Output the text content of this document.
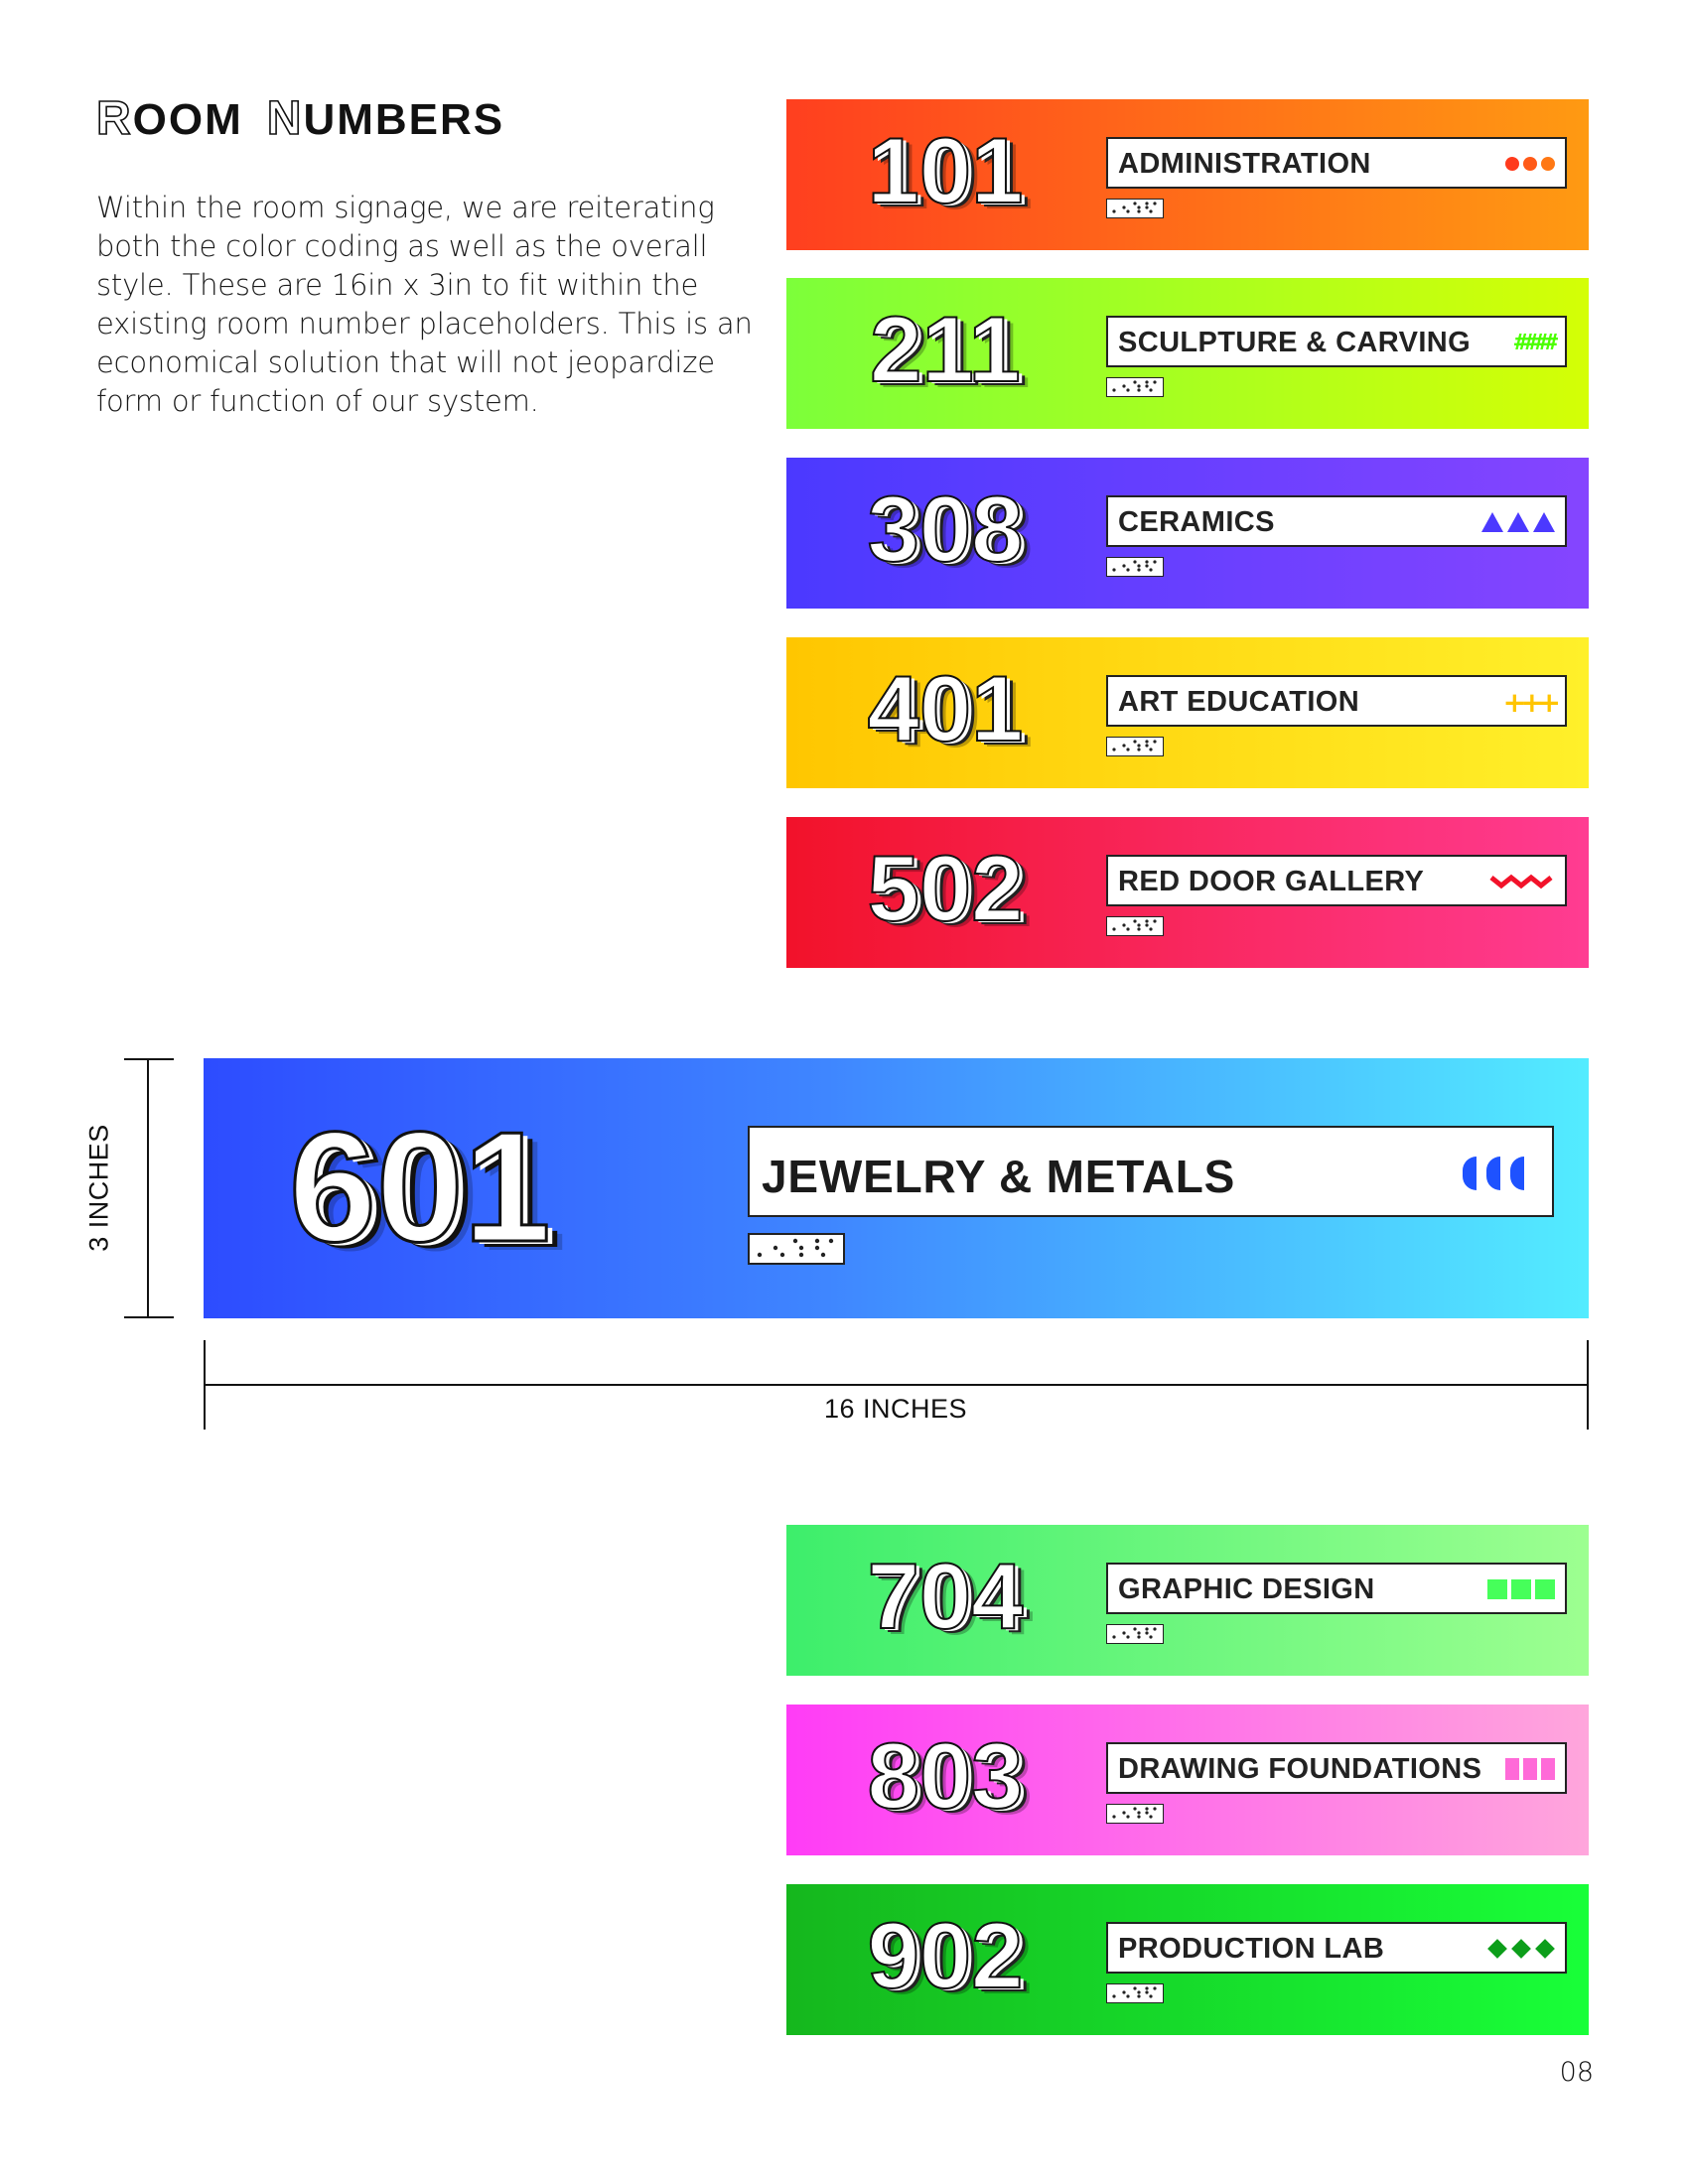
ROOM NUMBERS

Within the room signage, we are reiterating both the color coding as well as the overall style. These are 16in x 3in to fit within the existing room number placeholders. This is an economical solution that will not jeopardize form or function of our system.

101	ADMINISTRATION
211	SCULPTURE & CARVING ####
308	CERAMICS
401	ART EDUCATION	+++
502	RED DOOR GALLERY
601	JEWELRY & METALS
3 INCHES
16 INCHES
704	GRAPHIC DESIGN
803	DRAWING FOUNDATIONS
902	PRODUCTION LAB
08
